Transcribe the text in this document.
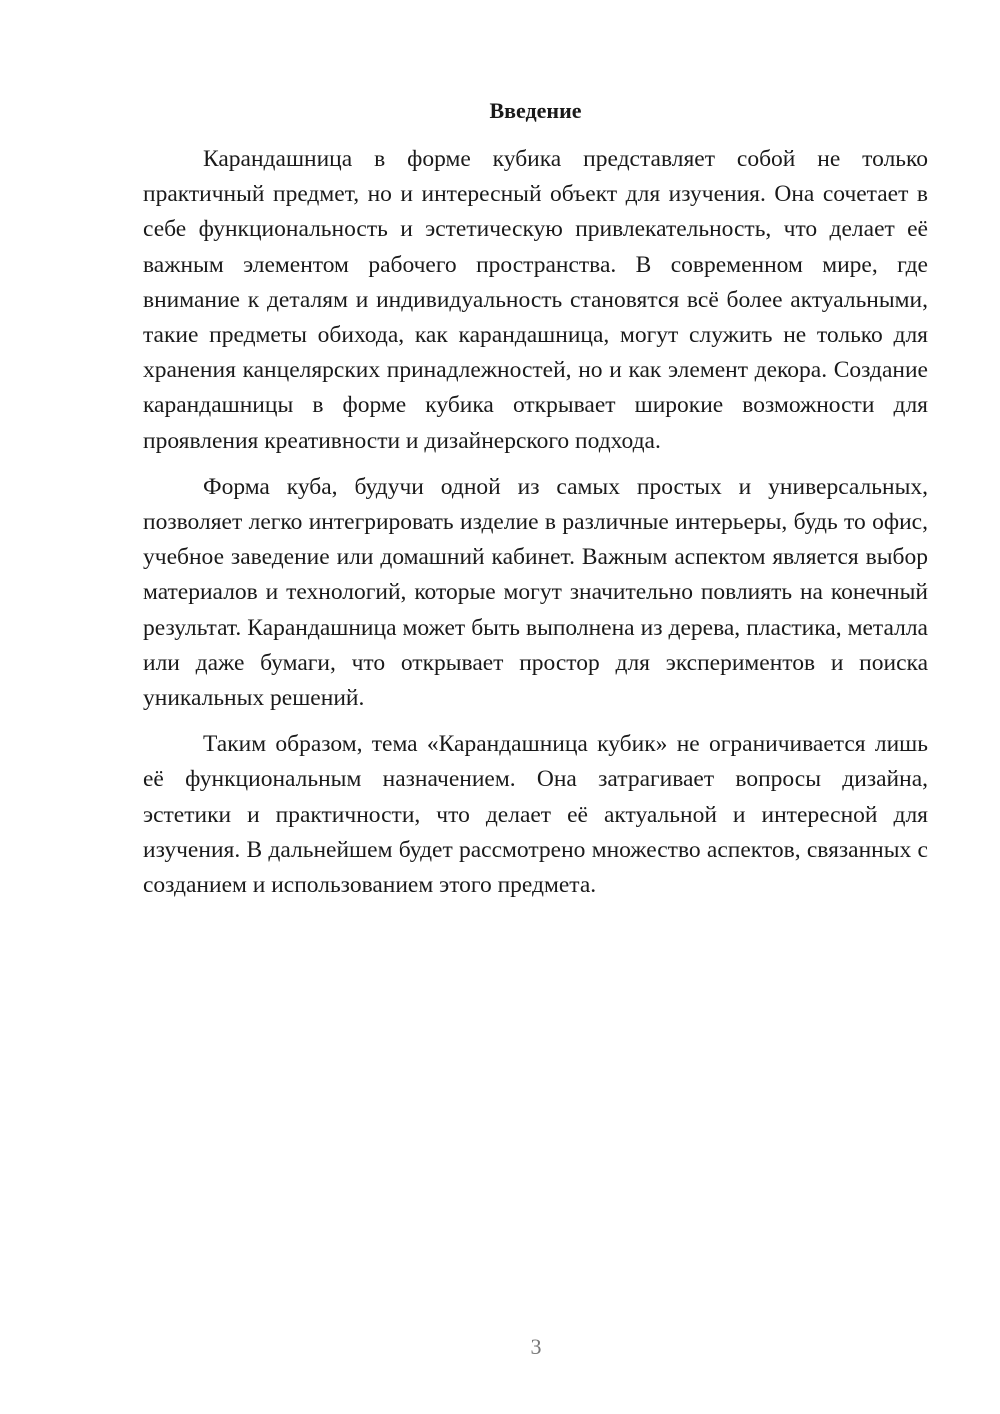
Введение

Карандашница в форме кубика представляет собой не только практичный предмет, но и интересный объект для изучения. Она сочетает в себе функциональность и эстетическую привлекательность, что делает её важным элементом рабочего пространства. В современном мире, где внимание к деталям и индивидуальность становятся всё более актуальными, такие предметы обихода, как карандашница, могут служить не только для хранения канцелярских принадлежностей, но и как элемент декора. Создание карандашницы в форме кубика открывает широкие возможности для проявления креативности и дизайнерского подхода.

Форма куба, будучи одной из самых простых и универсальных, позволяет легко интегрировать изделие в различные интерьеры, будь то офис, учебное заведение или домашний кабинет. Важным аспектом является выбор материалов и технологий, которые могут значительно повлиять на конечный результат. Карандашница может быть выполнена из дерева, пластика, металла или даже бумаги, что открывает простор для экспериментов и поиска уникальных решений.

Таким образом, тема «Карандашница кубик» не ограничивается лишь её функциональным назначением. Она затрагивает вопросы дизайна, эстетики и практичности, что делает её актуальной и интересной для изучения. В дальнейшем будет рассмотрено множество аспектов, связанных с созданием и использованием этого предмета.

3
